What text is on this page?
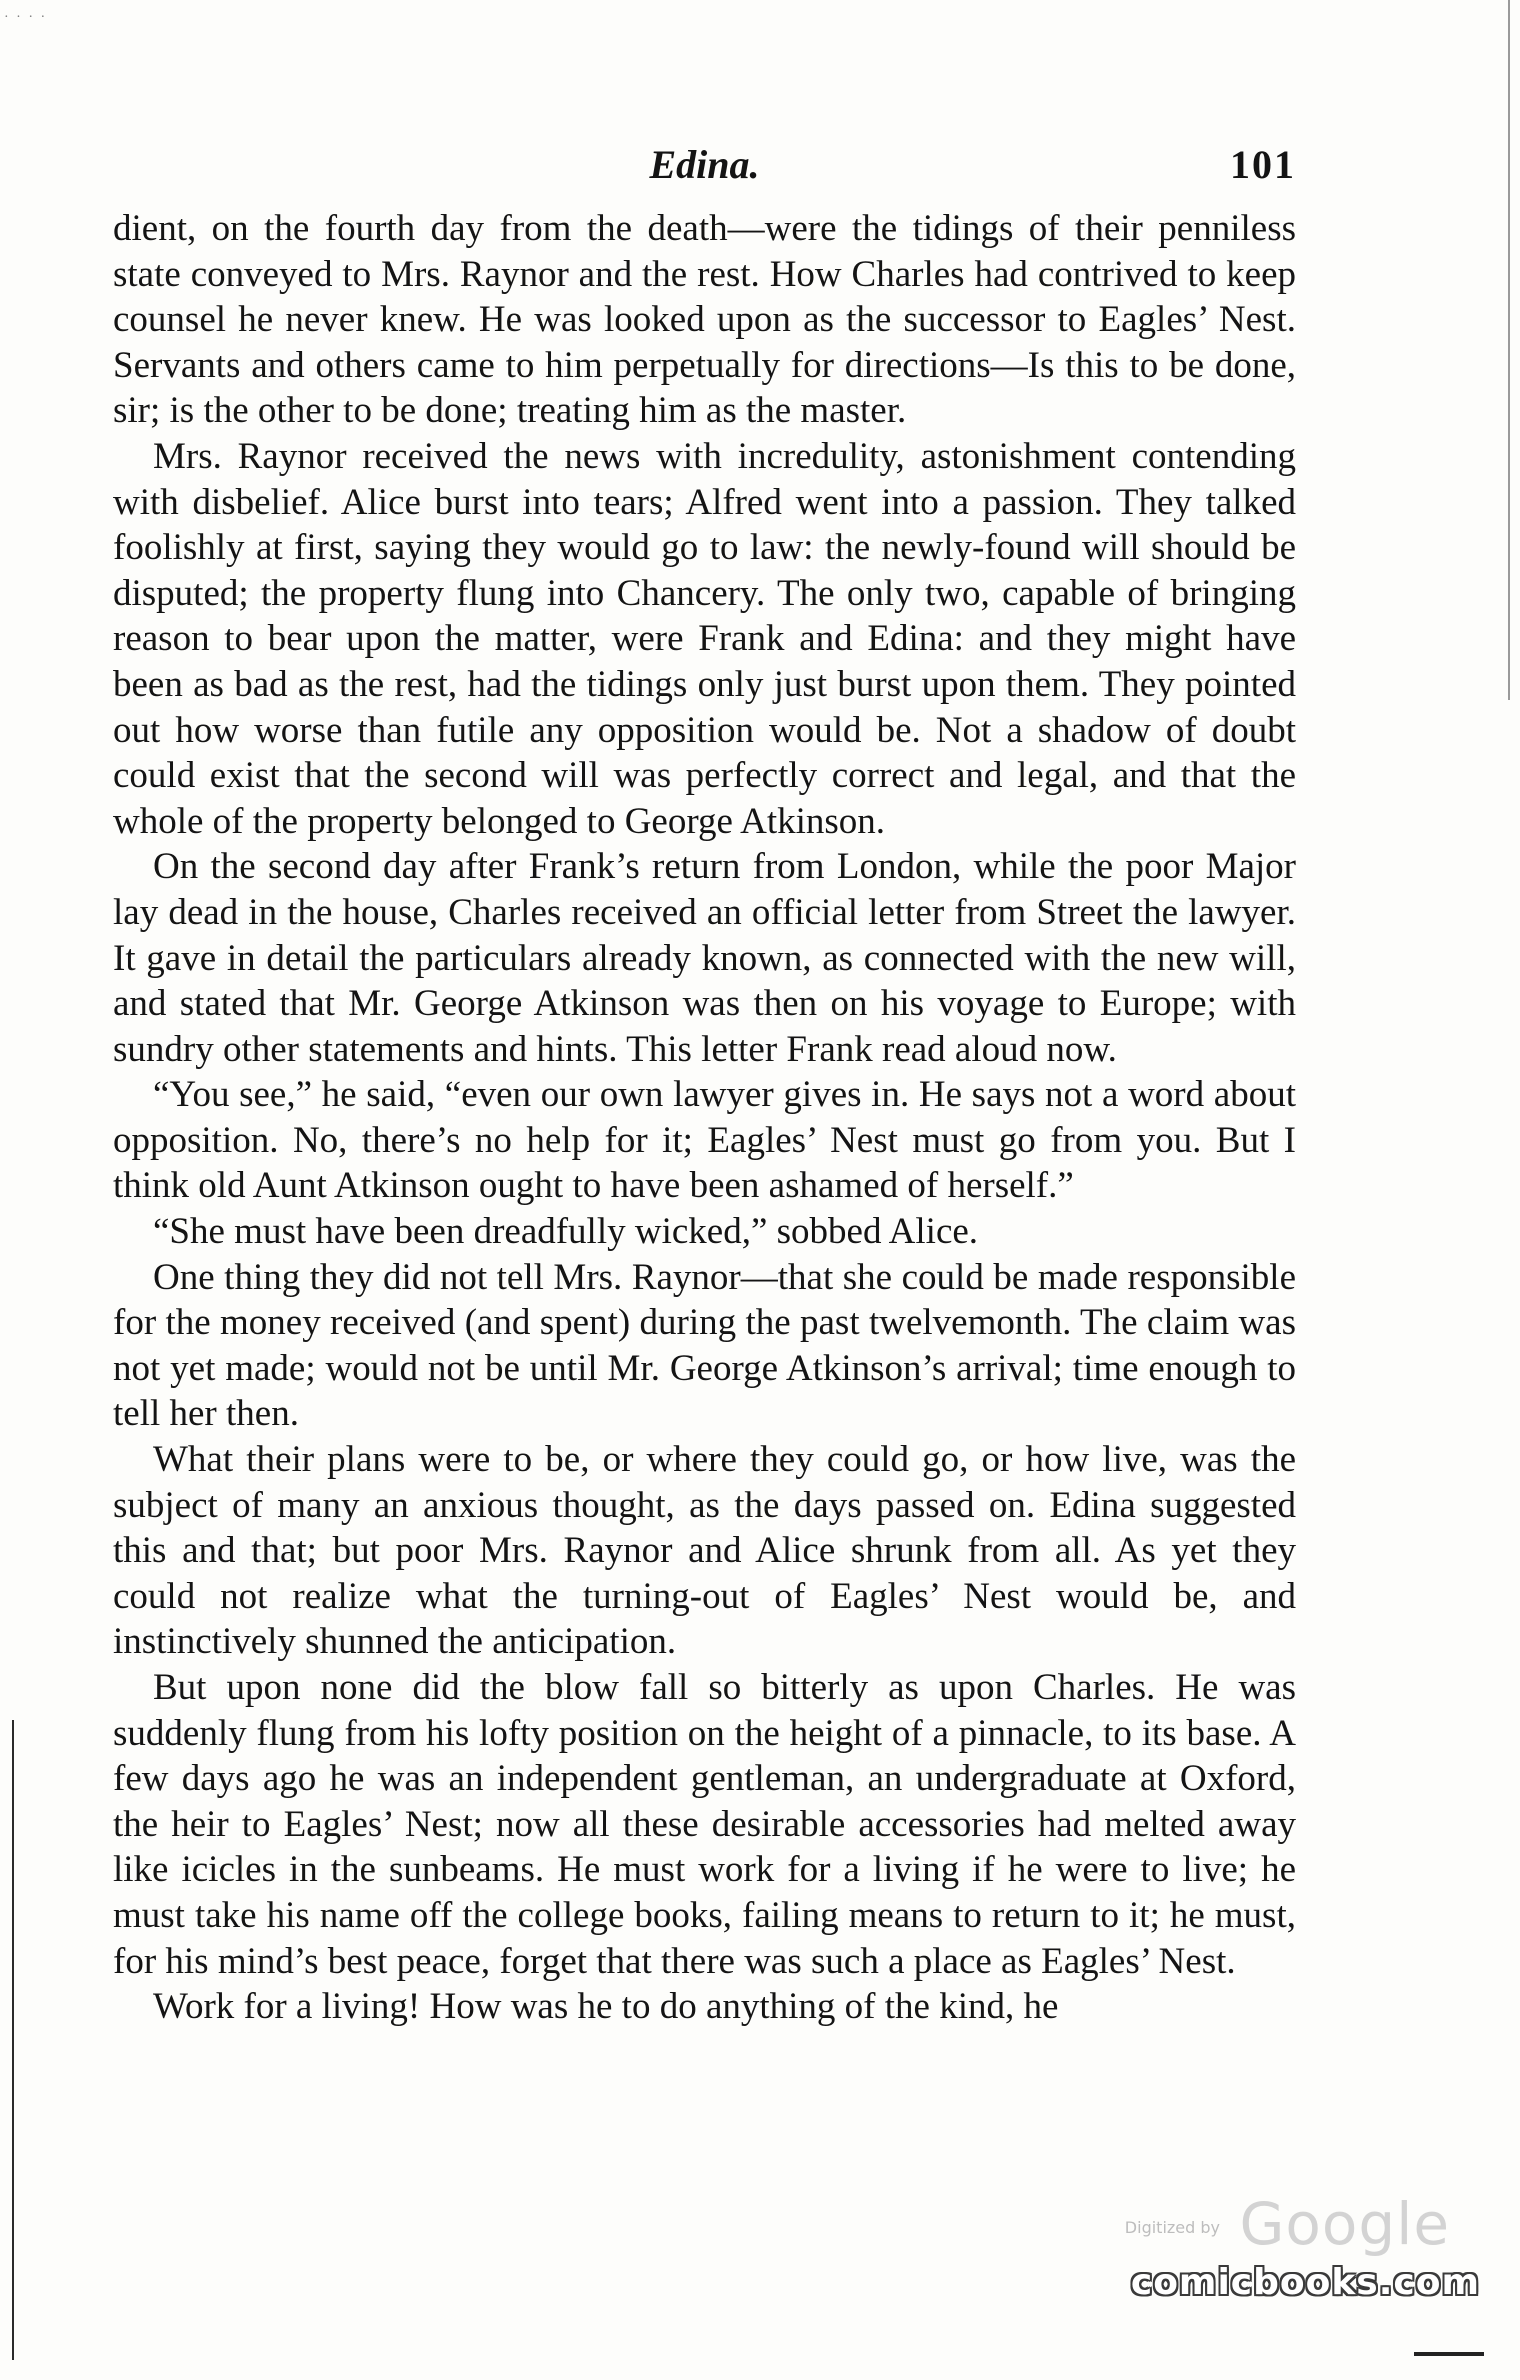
· · · ·
Edina.	101

dient, on the fourth day from the death—were the tidings of their penniless state conveyed to Mrs. Raynor and the rest. How Charles had contrived to keep counsel he never knew. He was looked upon as the successor to Eagles’ Nest. Servants and others came to him perpetually for directions—Is this to be done, sir; is the other to be done; treating him as the master.

Mrs. Raynor received the news with incredulity, astonishment contending with disbelief. Alice burst into tears; Alfred went into a passion. They talked foolishly at first, saying they would go to law: the newly-found will should be disputed; the property flung into Chancery. The only two, capable of bringing reason to bear upon the matter, were Frank and Edina: and they might have been as bad as the rest, had the tidings only just burst upon them. They pointed out how worse than futile any opposition would be. Not a shadow of doubt could exist that the second will was perfectly correct and legal, and that the whole of the property belonged to George Atkinson.

On the second day after Frank’s return from London, while the poor Major lay dead in the house, Charles received an official letter from Street the lawyer. It gave in detail the particulars already known, as connected with the new will, and stated that Mr. George Atkinson was then on his voyage to Europe; with sundry other statements and hints. This letter Frank read aloud now.

“You see,” he said, “even our own lawyer gives in. He says not a word about opposition. No, there’s no help for it; Eagles’ Nest must go from you. But I think old Aunt Atkinson ought to have been ashamed of herself.”

“She must have been dreadfully wicked,” sobbed Alice.

One thing they did not tell Mrs. Raynor—that she could be made responsible for the money received (and spent) during the past twelvemonth. The claim was not yet made; would not be until Mr. George Atkinson’s arrival; time enough to tell her then.

What their plans were to be, or where they could go, or how live, was the subject of many an anxious thought, as the days passed on. Edina suggested this and that; but poor Mrs. Raynor and Alice shrunk from all. As yet they could not realize what the turning-out of Eagles’ Nest would be, and instinctively shunned the anticipation.

But upon none did the blow fall so bitterly as upon Charles. He was suddenly flung from his lofty position on the height of a pinnacle, to its base. A few days ago he was an independent gentleman, an undergraduate at Oxford, the heir to Eagles’ Nest; now all these desirable accessories had melted away like icicles in the sunbeams. He must work for a living if he were to live; he must take his name off the college books, failing means to return to it; he must, for his mind’s best peace, forget that there was such a place as Eagles’ Nest.

Work for a living! How was he to do anything of the kind, he

Digitized by Google
comicbooks.com
